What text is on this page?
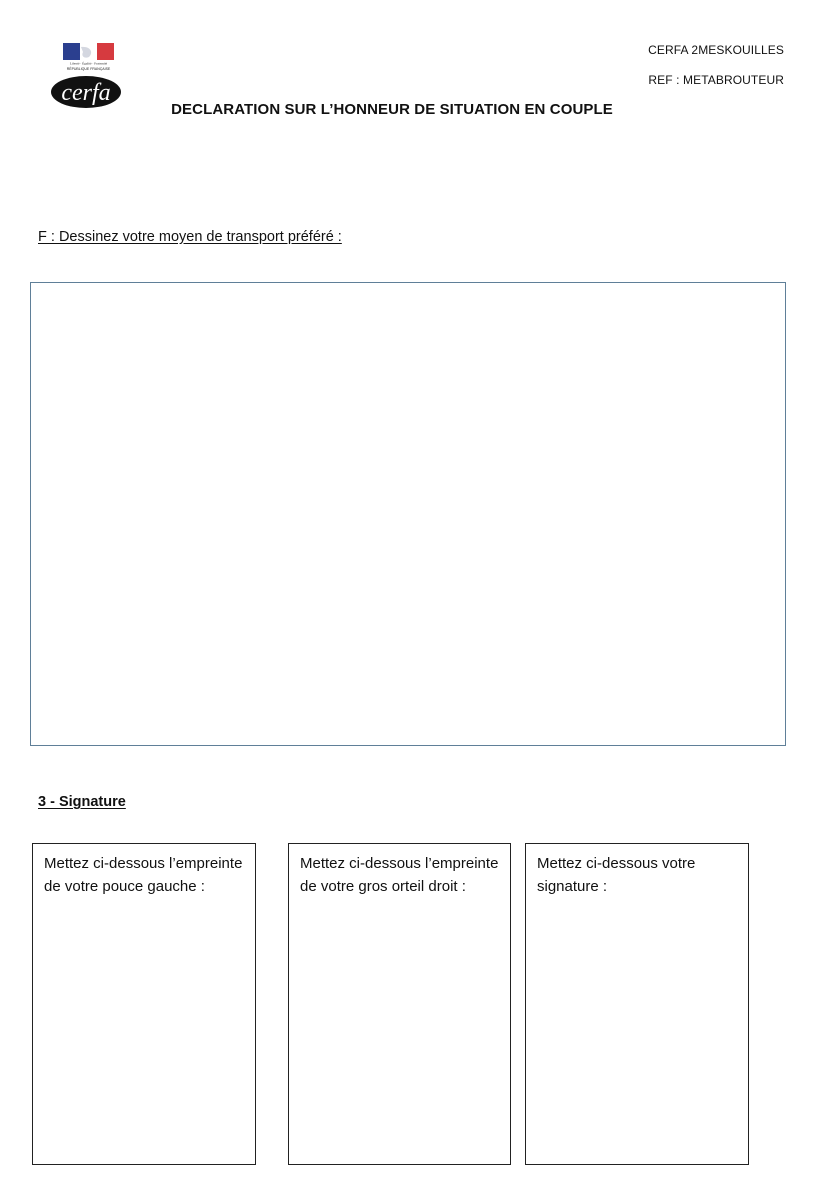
Liberté · Égalité · Fraternité
RÉPUBLIQUE FRANÇAISE
cerfa
CERFA 2MESKOUILLES
REF : METABROUTEUR
DECLARATION SUR L’HONNEUR DE SITUATION EN COUPLE
F : Dessinez votre moyen de transport préféré :
3 - Signature
Mettez ci-dessous l’empreinte de votre pouce gauche :
Mettez ci-dessous l’empreinte de votre gros orteil droit :
Mettez ci-dessous votre signature :
